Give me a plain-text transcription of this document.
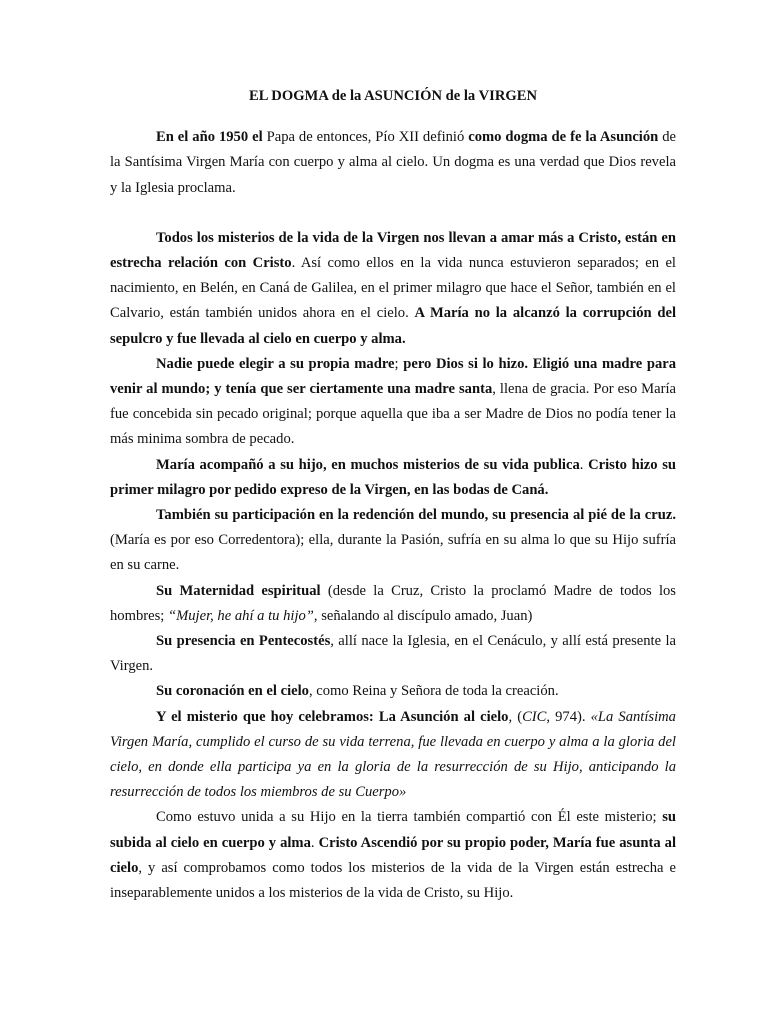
EL DOGMA de la ASUNCIÓN de la VIRGEN

En el año 1950 el Papa de entonces, Pío XII definió como dogma de fe la Asunción de la Santísima Virgen María con cuerpo y alma al cielo. Un dogma es una verdad que Dios revela y la Iglesia proclama.

Todos los misterios de la vida de la Virgen nos llevan a amar más a Cristo, están en estrecha relación con Cristo. Así como ellos en la vida nunca estuvieron separados; en el nacimiento, en Belén, en Caná de Galilea, en el primer milagro que hace el Señor, también en el Calvario, están también unidos ahora en el cielo. A María no la alcanzó la corrupción del sepulcro y fue llevada al cielo en cuerpo y alma.

Nadie puede elegir a su propia madre; pero Dios si lo hizo. Eligió una madre para venir al mundo; y tenía que ser ciertamente una madre santa, llena de gracia. Por eso María fue concebida sin pecado original; porque aquella que iba a ser Madre de Dios no podía tener la más minima sombra de pecado.

María acompañó a su hijo, en muchos misterios de su vida publica. Cristo hizo su primer milagro por pedido expreso de la Virgen, en las bodas de Caná.

También su participación en la redención del mundo, su presencia al pié de la cruz. (María es por eso Corredentora); ella, durante la Pasión, sufría en su alma lo que su Hijo sufría en su carne.

Su Maternidad espiritual (desde la Cruz, Cristo la proclamó Madre de todos los hombres; “Mujer, he ahí a tu hijo”, señalando al discípulo amado, Juan)

Su presencia en Pentecostés, allí nace la Iglesia, en el Cenáculo, y allí está presente la Virgen.

Su coronación en el cielo, como Reina y Señora de toda la creación.

Y el misterio que hoy celebramos: La Asunción al cielo, (CIC, 974). «La Santísima Virgen María, cumplido el curso de su vida terrena, fue llevada en cuerpo y alma a la gloria del cielo, en donde ella participa ya en la gloria de la resurrección de su Hijo, anticipando la resurrección de todos los miembros de su Cuerpo»

Como estuvo unida a su Hijo en la tierra también compartió con Él este misterio; su subida al cielo en cuerpo y alma. Cristo Ascendió por su propio poder, María fue asunta al cielo, y así comprobamos como todos los misterios de la vida de la Virgen están estrecha e inseparablemente unidos a los misterios de la vida de Cristo, su Hijo.
